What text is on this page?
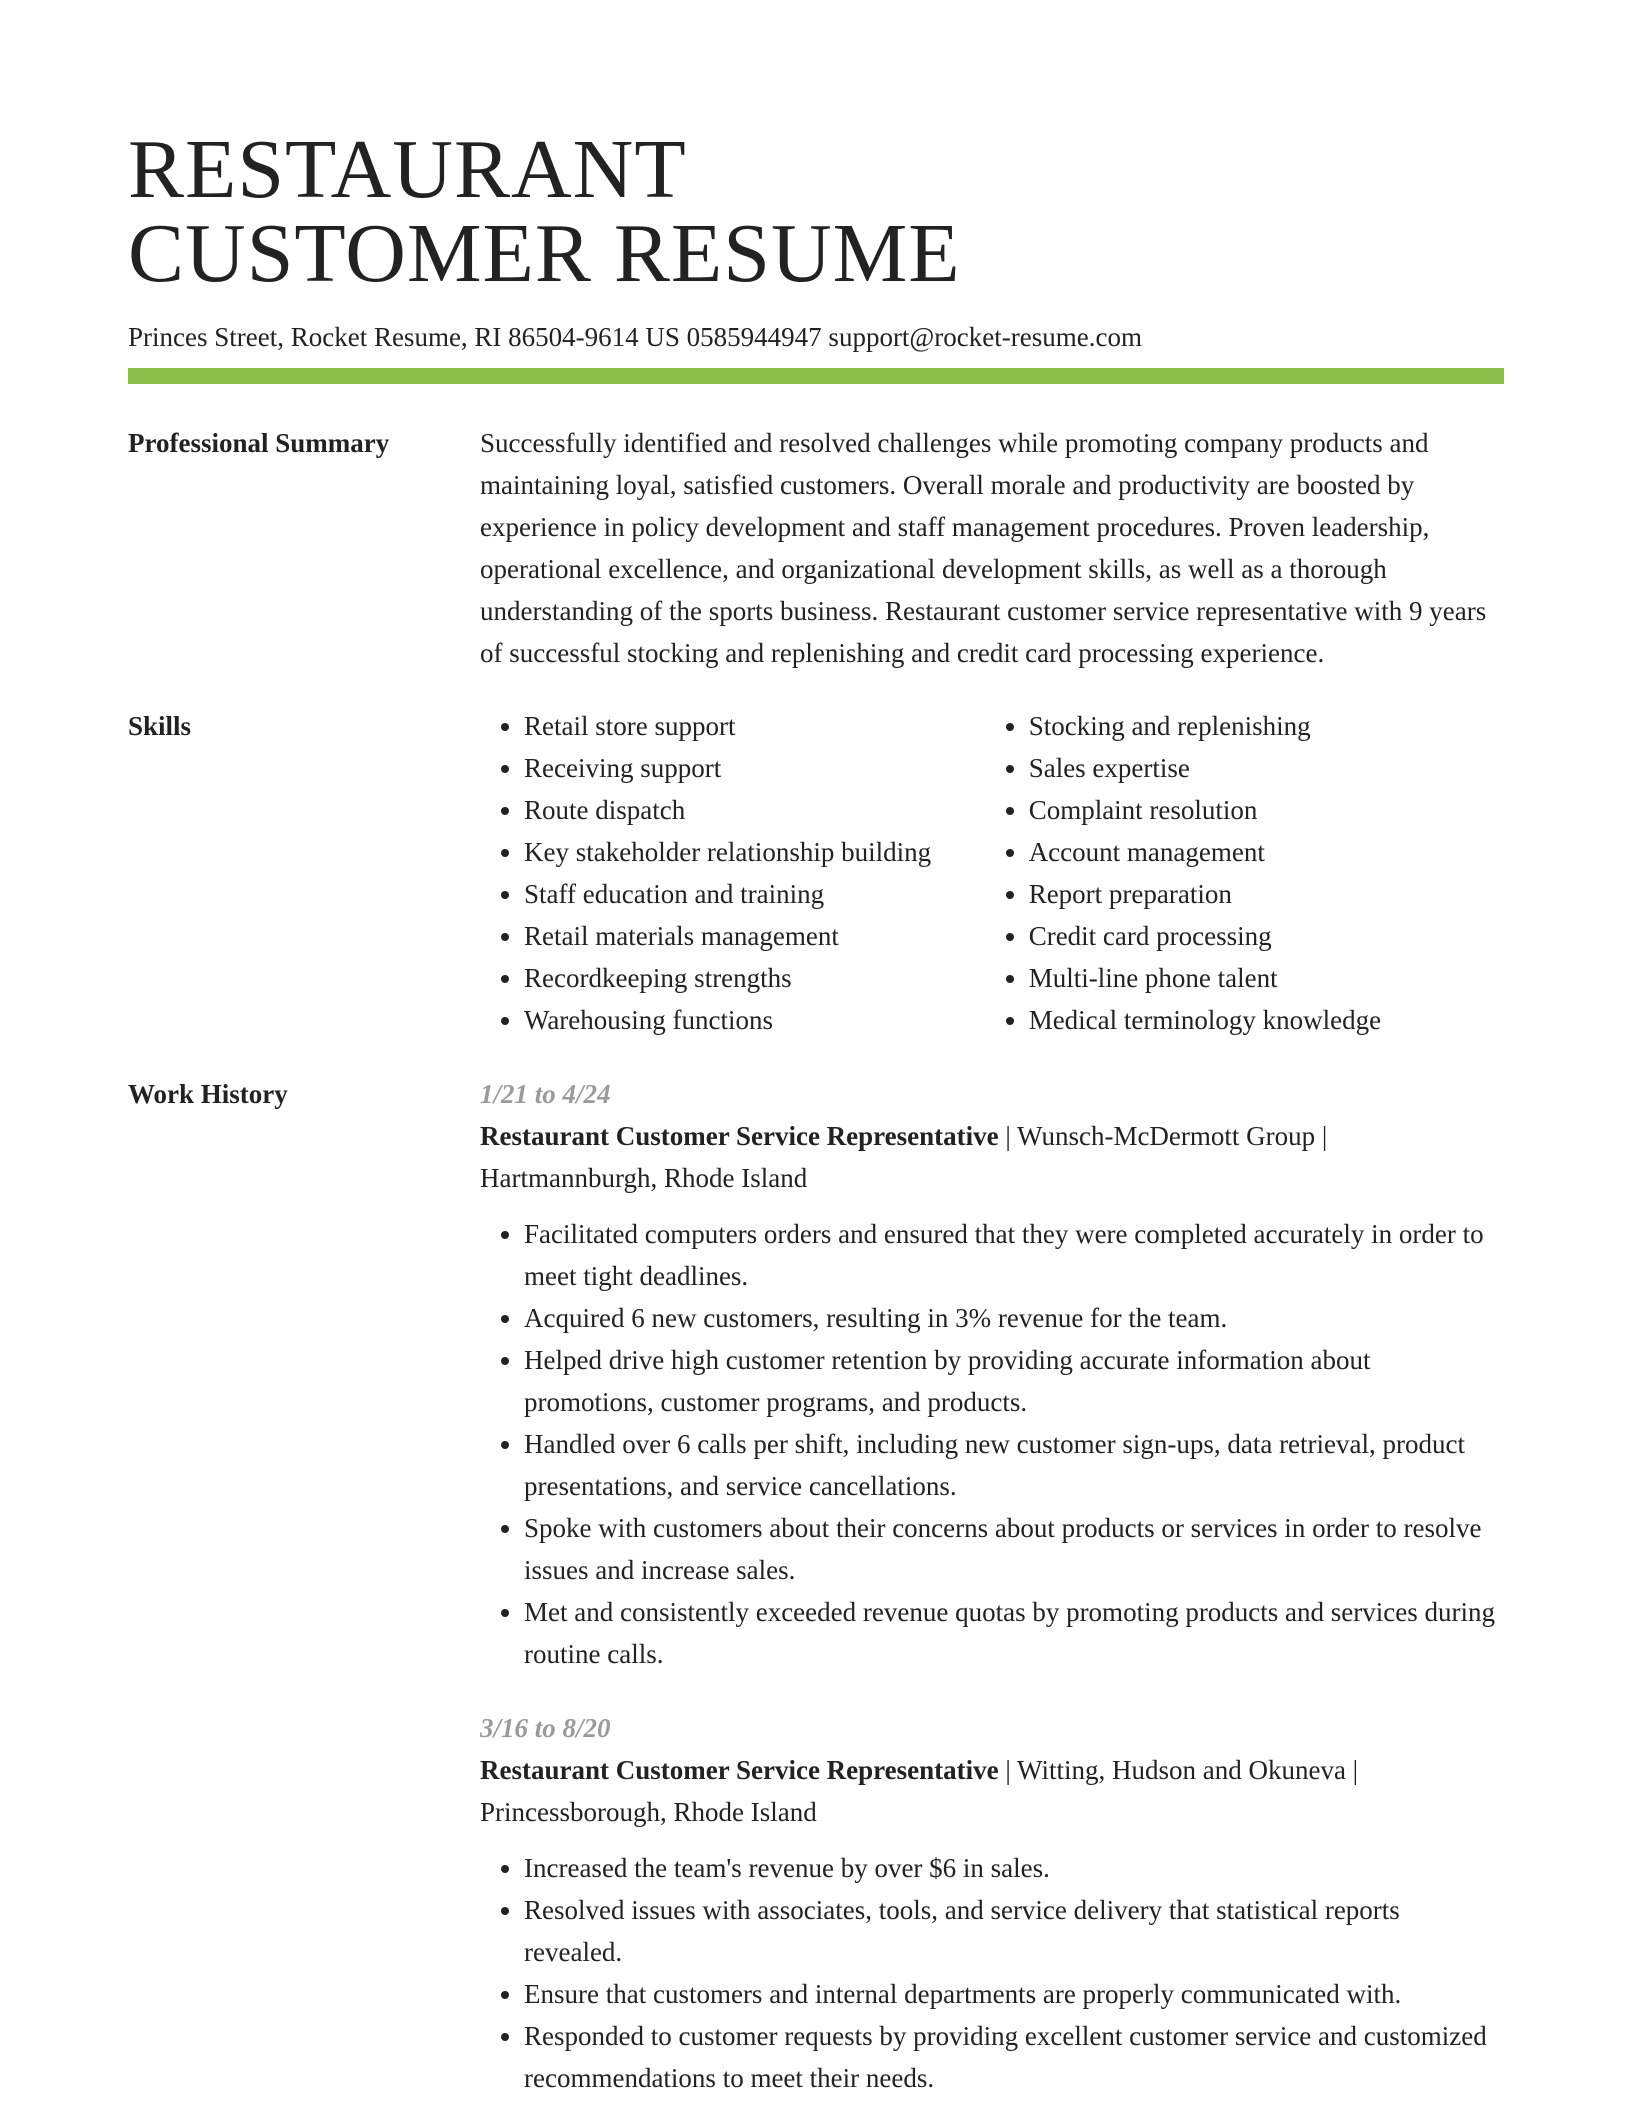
RESTAURANT
CUSTOMER RESUME
Princes Street, Rocket Resume, RI 86504-9614 US 0585944947 support@rocket-resume.com
Professional Summary	Successfully identified and resolved challenges while promoting company products and maintaining loyal, satisfied customers. Overall morale and productivity are boosted by experience in policy development and staff management procedures. Proven leadership, operational excellence, and organizational development skills, as well as a thorough understanding of the sports business. Restaurant customer service representative with 9 years of successful stocking and replenishing and credit card processing experience.

Skills
•	Retail store support
• Receiving support
• Route dispatch
• Key stakeholder relationship building
• Staff education and training
• Retail materials management
• Recordkeeping strengths
• Warehousing functions
• Stocking and replenishing
• Sales expertise
• Complaint resolution
• Account management
• Report preparation
• Credit card processing
• Multi-line phone talent
• Medical terminology knowledge
Work History	1/21 to 4/24
Restaurant Customer Service Representative | Wunsch-McDermott Group | Hartmannburgh, Rhode Island
• Facilitated computers orders and ensured that they were completed accurately in order to meet tight deadlines.
• Acquired 6 new customers, resulting in 3% revenue for the team.
• Helped drive high customer retention by providing accurate information about promotions, customer programs, and products.
• Handled over 6 calls per shift, including new customer sign-ups, data retrieval, product presentations, and service cancellations.
• Spoke with customers about their concerns about products or services in order to resolve issues and increase sales.
• Met and consistently exceeded revenue quotas by promoting products and services during routine calls.
3/16 to 8/20
Restaurant Customer Service Representative | Witting, Hudson and Okuneva | Princessborough, Rhode Island
• Increased the team's revenue by over $6 in sales.
• Resolved issues with associates, tools, and service delivery that statistical reports revealed.
• Ensure that customers and internal departments are properly communicated with.
• Responded to customer requests by providing excellent customer service and customized recommendations to meet their needs.
